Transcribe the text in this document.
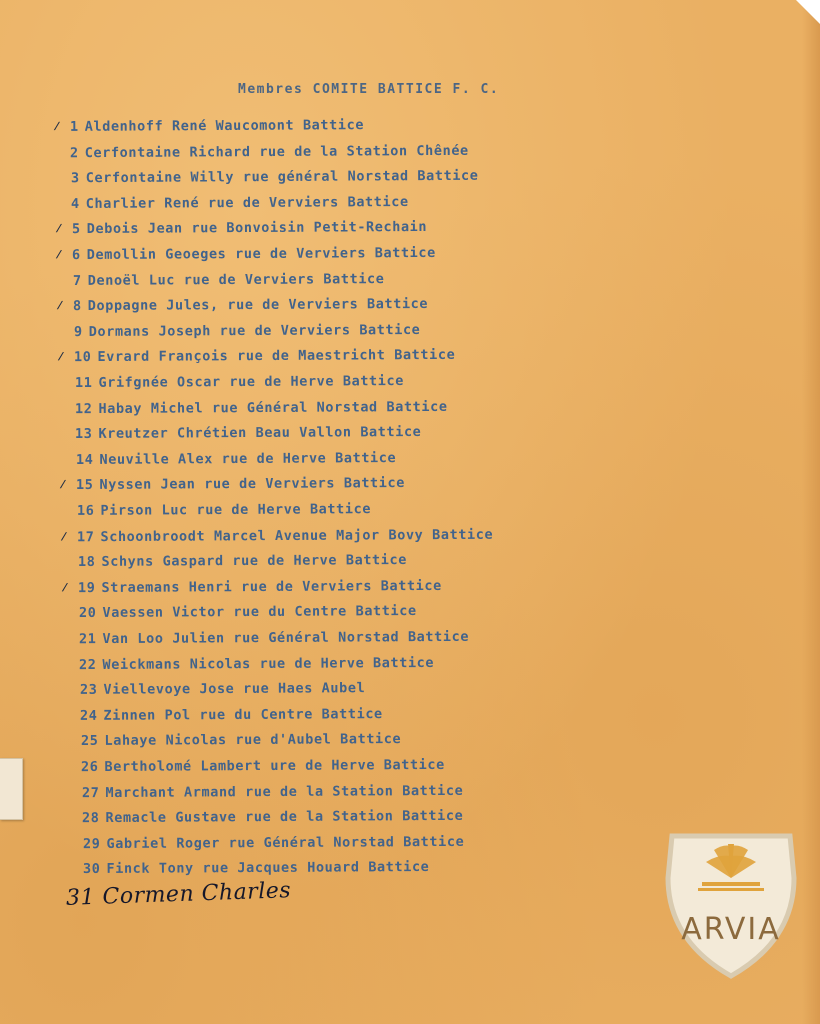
Membres COMITE BATTICE F. C.
⁄ 1 Aldenhoff René Waucomont Battice
2 Cerfontaine Richard rue de la Station Chênée
3 Cerfontaine Willy rue général Norstad Battice
4 Charlier René rue de Verviers Battice
⁄ 5 Debois Jean rue Bonvoisin Petit-Rechain
⁄ 6 Demollin Geoeges rue de Verviers Battice
7 Denoël Luc rue de Verviers Battice
⁄ 8 Doppagne Jules, rue de Verviers Battice
9 Dormans Joseph rue de Verviers Battice
⁄ 10 Evrard François rue de Maestricht Battice
11 Grifgnée Oscar rue de Herve Battice
12 Habay Michel rue Général Norstad Battice
13 Kreutzer Chrétien Beau Vallon Battice
14 Neuville Alex rue de Herve Battice
⁄ 15 Nyssen Jean rue de Verviers Battice
16 Pirson Luc rue de Herve Battice
⁄ 17 Schoonbroodt Marcel Avenue Major Bovy Battice
18 Schyns Gaspard rue de Herve Battice
⁄ 19 Straemans Henri rue de Verviers Battice
20 Vaessen Victor rue du Centre Battice
21 Van Loo Julien rue Général Norstad Battice
22 Weickmans Nicolas rue de Herve Battice
23 Viellevoye Jose rue Haes Aubel
24 Zinnen Pol rue du Centre Battice
25 Lahaye Nicolas rue d'Aubel Battice
26 Bertholomé Lambert ure de Herve Battice
27 Marchant Armand rue de la Station Battice
28 Remacle Gustave rue de la Station Battice
29 Gabriel Roger rue Général Norstad Battice
30 Finck Tony rue Jacques Houard Battice
31 Cormen Charles
ARVIA
